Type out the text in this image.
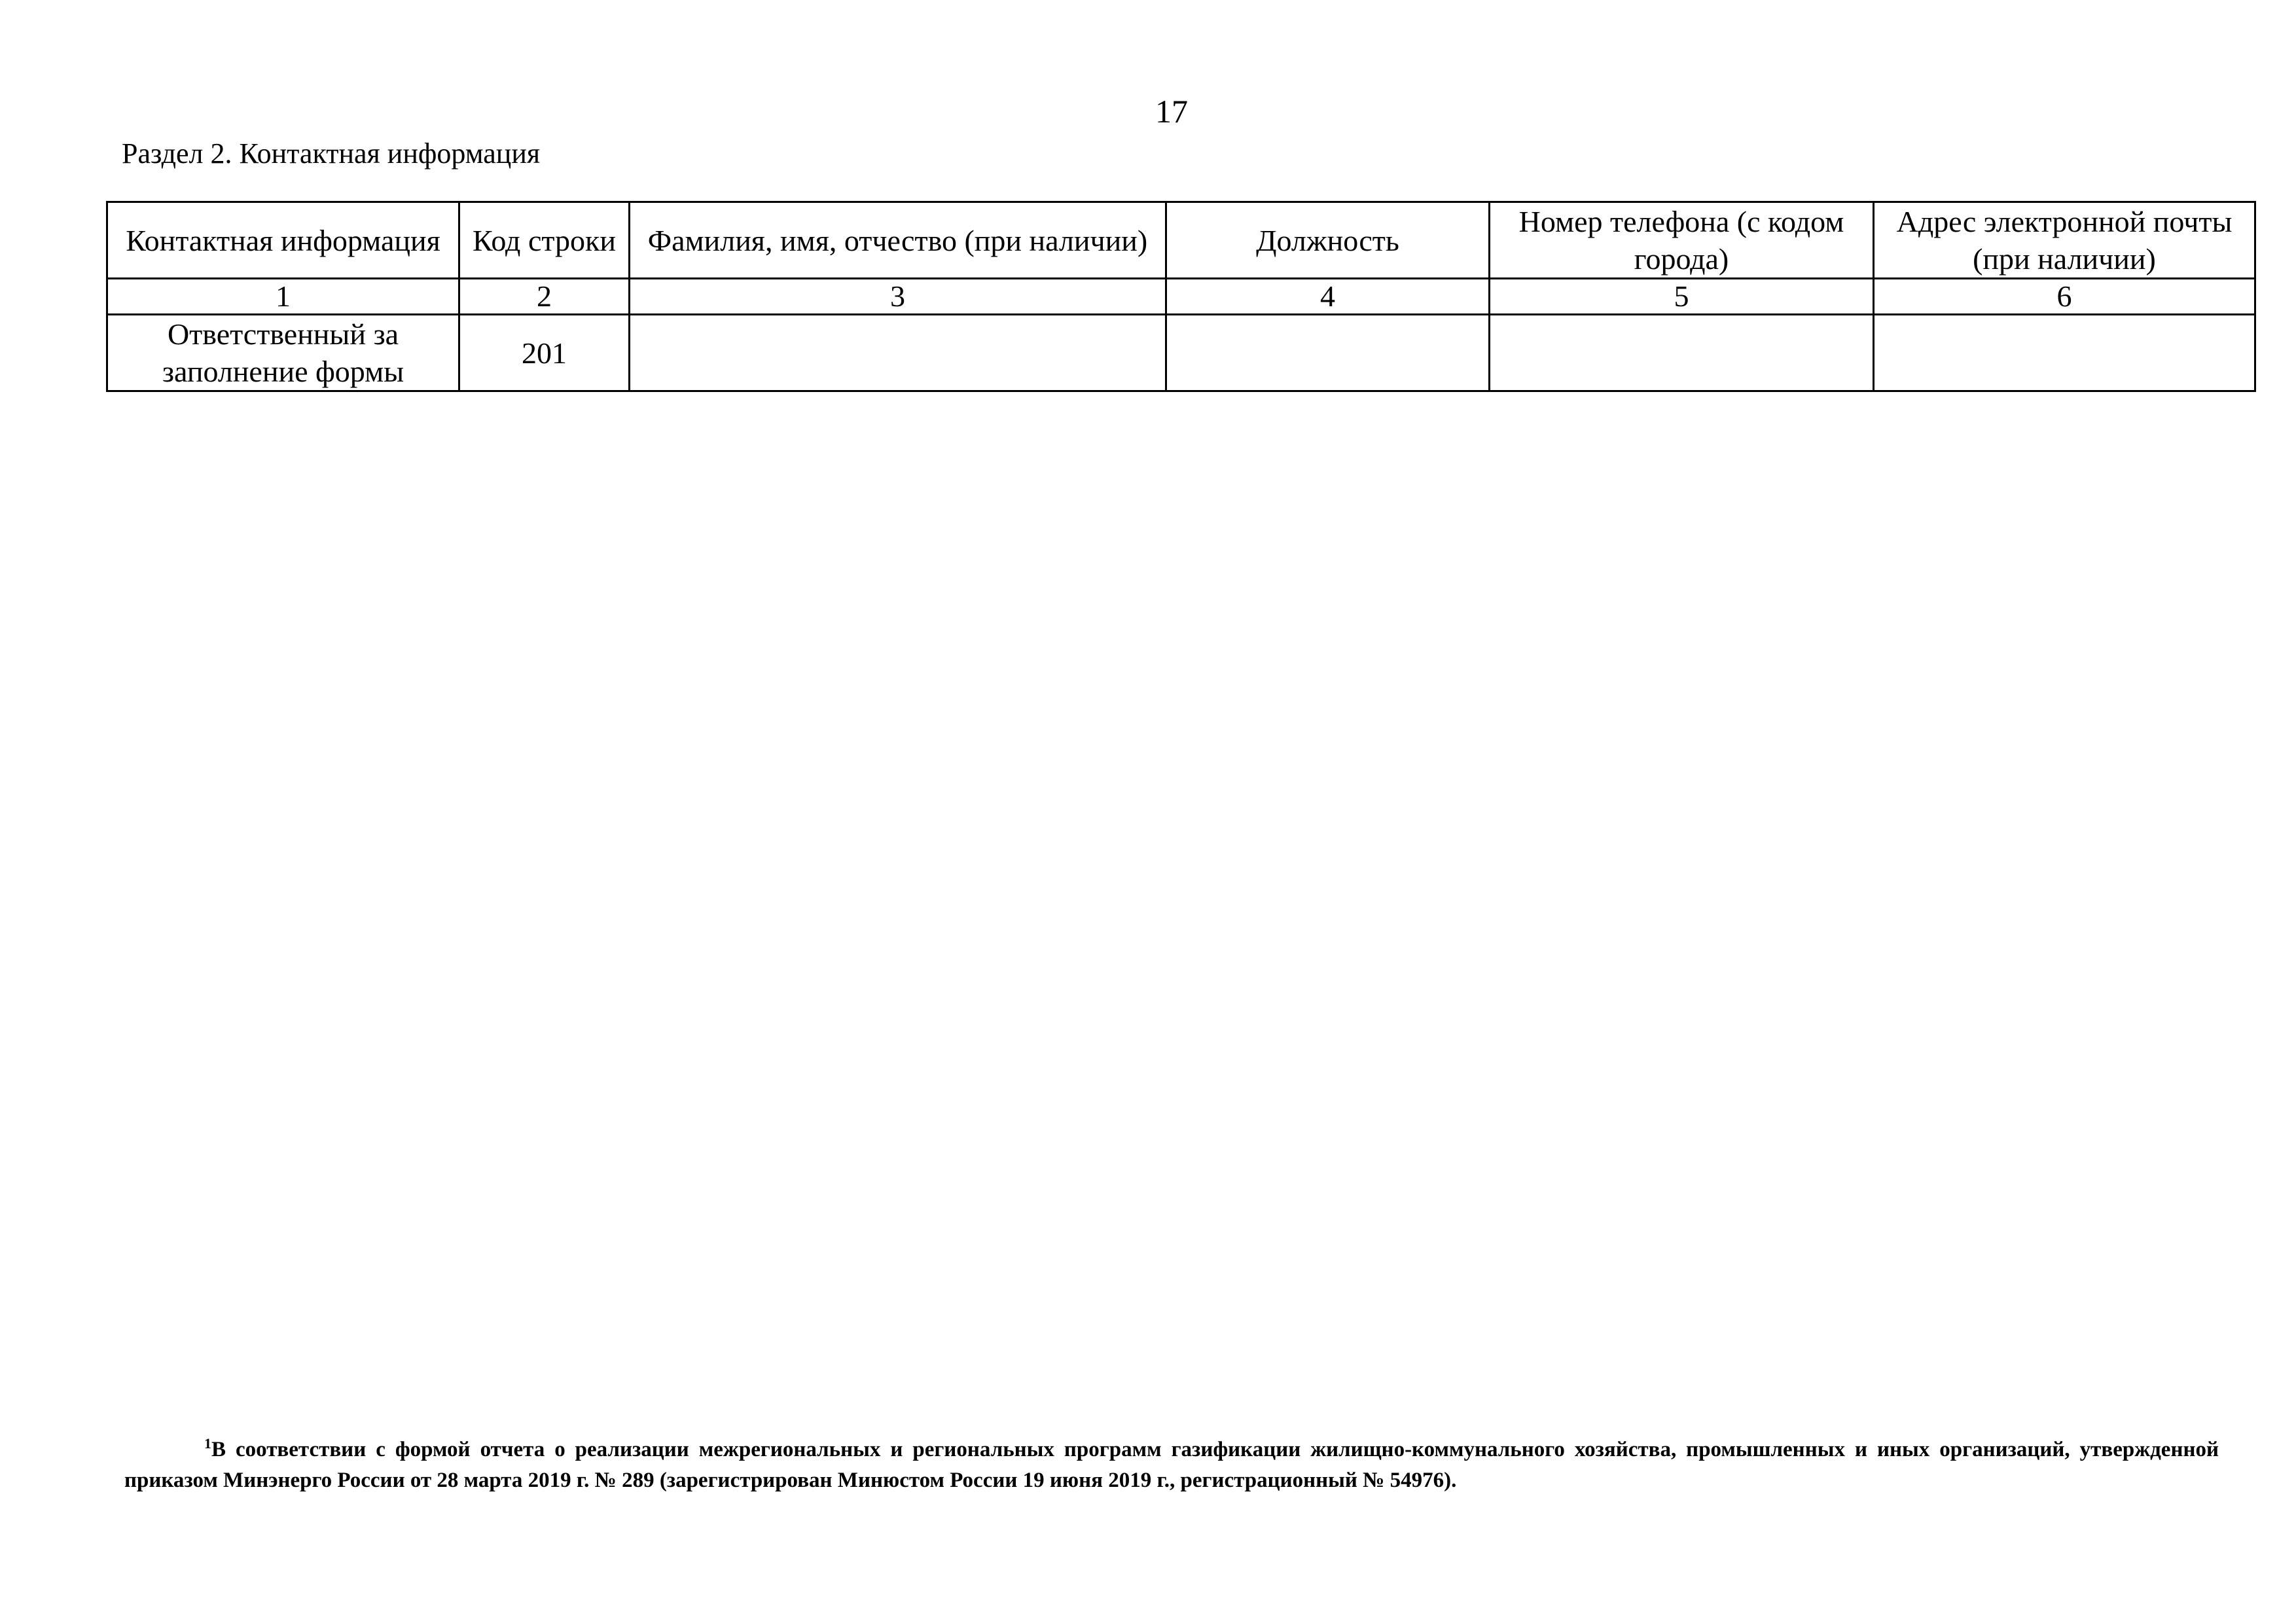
17
Раздел 2. Контактная информация
Контактная информация	Код строки	Фамилия, имя, отчество (при наличии)	Должность	Номер телефона (с кодом города)	Адрес электронной почты (при наличии)
1	2	3	4	5	6
Ответственный за заполнение формы	201				
$^1$В соответствии с формой отчета о реализации межрегиональных и региональных программ газификации жилищно-коммунального хозяйства, промышленных и иных организаций, утвержденной приказом Минэнерго России от 28 марта 2019 г. № 289 (зарегистрирован Минюстом России 19 июня 2019 г., регистрационный № 54976).
